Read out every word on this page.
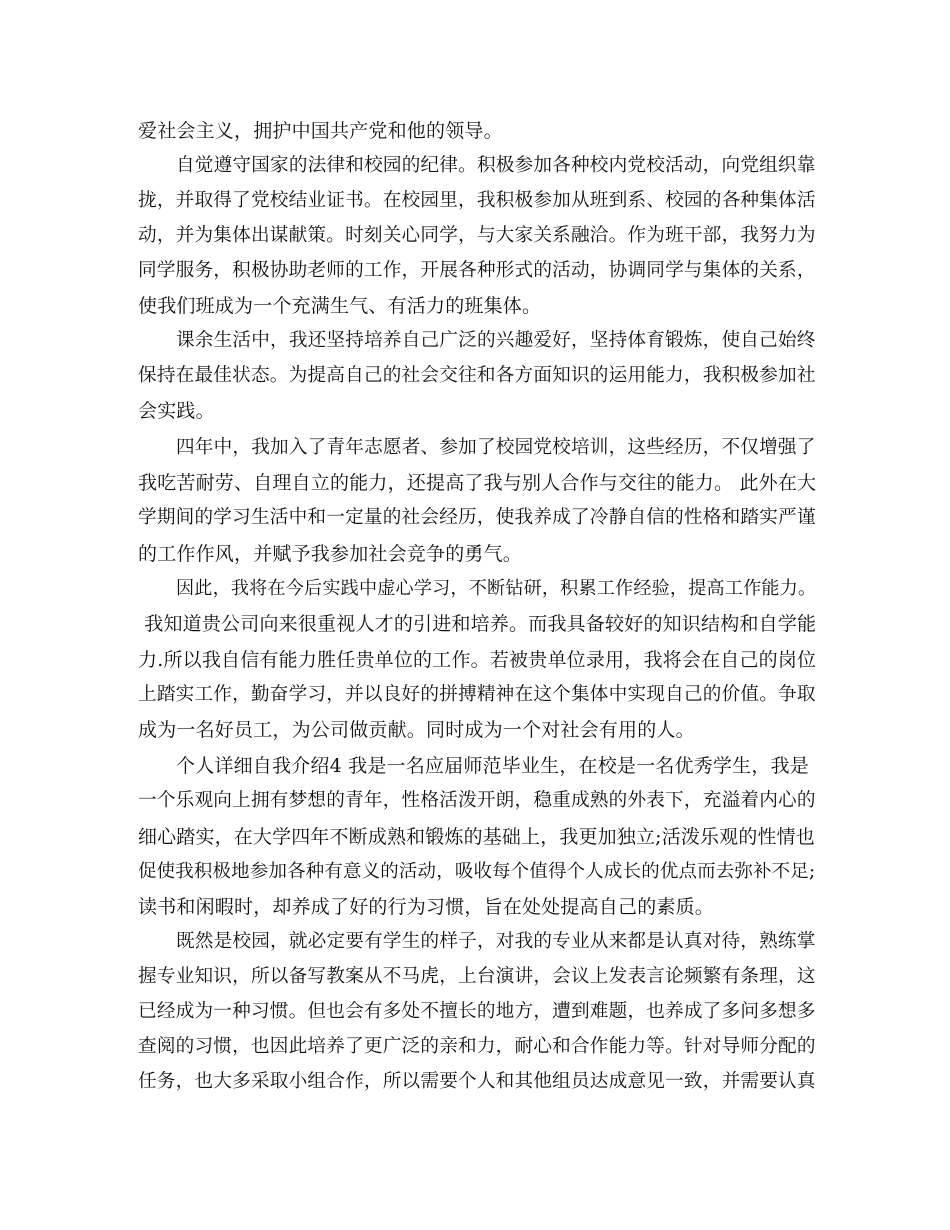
爱社会主义，拥护中国共产党和他的领导。

自觉遵守国家的法律和校园的纪律。积极参加各种校内党校活动，向党组织靠

拢，并取得了党校结业证书。在校园里，我积极参加从班到系、校园的各种集体活

动，并为集体出谋献策。时刻关心同学，与大家关系融洽。作为班干部，我努力为

同学服务，积极协助老师的工作，开展各种形式的活动，协调同学与集体的关系，

使我们班成为一个充满生气、有活力的班集体。

课余生活中，我还坚持培养自己广泛的兴趣爱好，坚持体育锻炼，使自己始终

保持在最佳状态。为提高自己的社会交往和各方面知识的运用能力，我积极参加社

会实践。

四年中，我加入了青年志愿者、参加了校园党校培训，这些经历，不仅增强了

我吃苦耐劳、自理自立的能力，还提高了我与别人合作与交往的能力。 此外在大

学期间的学习生活中和一定量的社会经历，使我养成了冷静自信的性格和踏实严谨

的工作作风，并赋予我参加社会竞争的勇气。

因此，我将在今后实践中虚心学习，不断钻研，积累工作经验，提高工作能力。

我知道贵公司向来很重视人才的引进和培养。而我具备较好的知识结构和自学能

力.所以我自信有能力胜任贵单位的工作。若被贵单位录用，我将会在自己的岗位

上踏实工作，勤奋学习，并以良好的拼搏精神在这个集体中实现自己的价值。争取

成为一名好员工，为公司做贡献。同时成为一个对社会有用的人。

个人详细自我介绍4 我是一名应届师范毕业生，在校是一名优秀学生，我是

一个乐观向上拥有梦想的青年，性格活泼开朗，稳重成熟的外表下，充溢着内心的

细心踏实，在大学四年不断成熟和锻炼的基础上，我更加独立;活泼乐观的性情也

促使我积极地参加各种有意义的活动，吸收每个值得个人成长的优点而去弥补不足;

读书和闲暇时，却养成了好的行为习惯，旨在处处提高自己的素质。

既然是校园，就必定要有学生的样子，对我的专业从来都是认真对待，熟练掌

握专业知识，所以备写教案从不马虎，上台演讲，会议上发表言论频繁有条理，这

已经成为一种习惯。但也会有多处不擅长的地方，遭到难题，也养成了多问多想多

查阅的习惯，也因此培养了更广泛的亲和力，耐心和合作能力等。针对导师分配的

任务，也大多采取小组合作，所以需要个人和其他组员达成意见一致，并需要认真
